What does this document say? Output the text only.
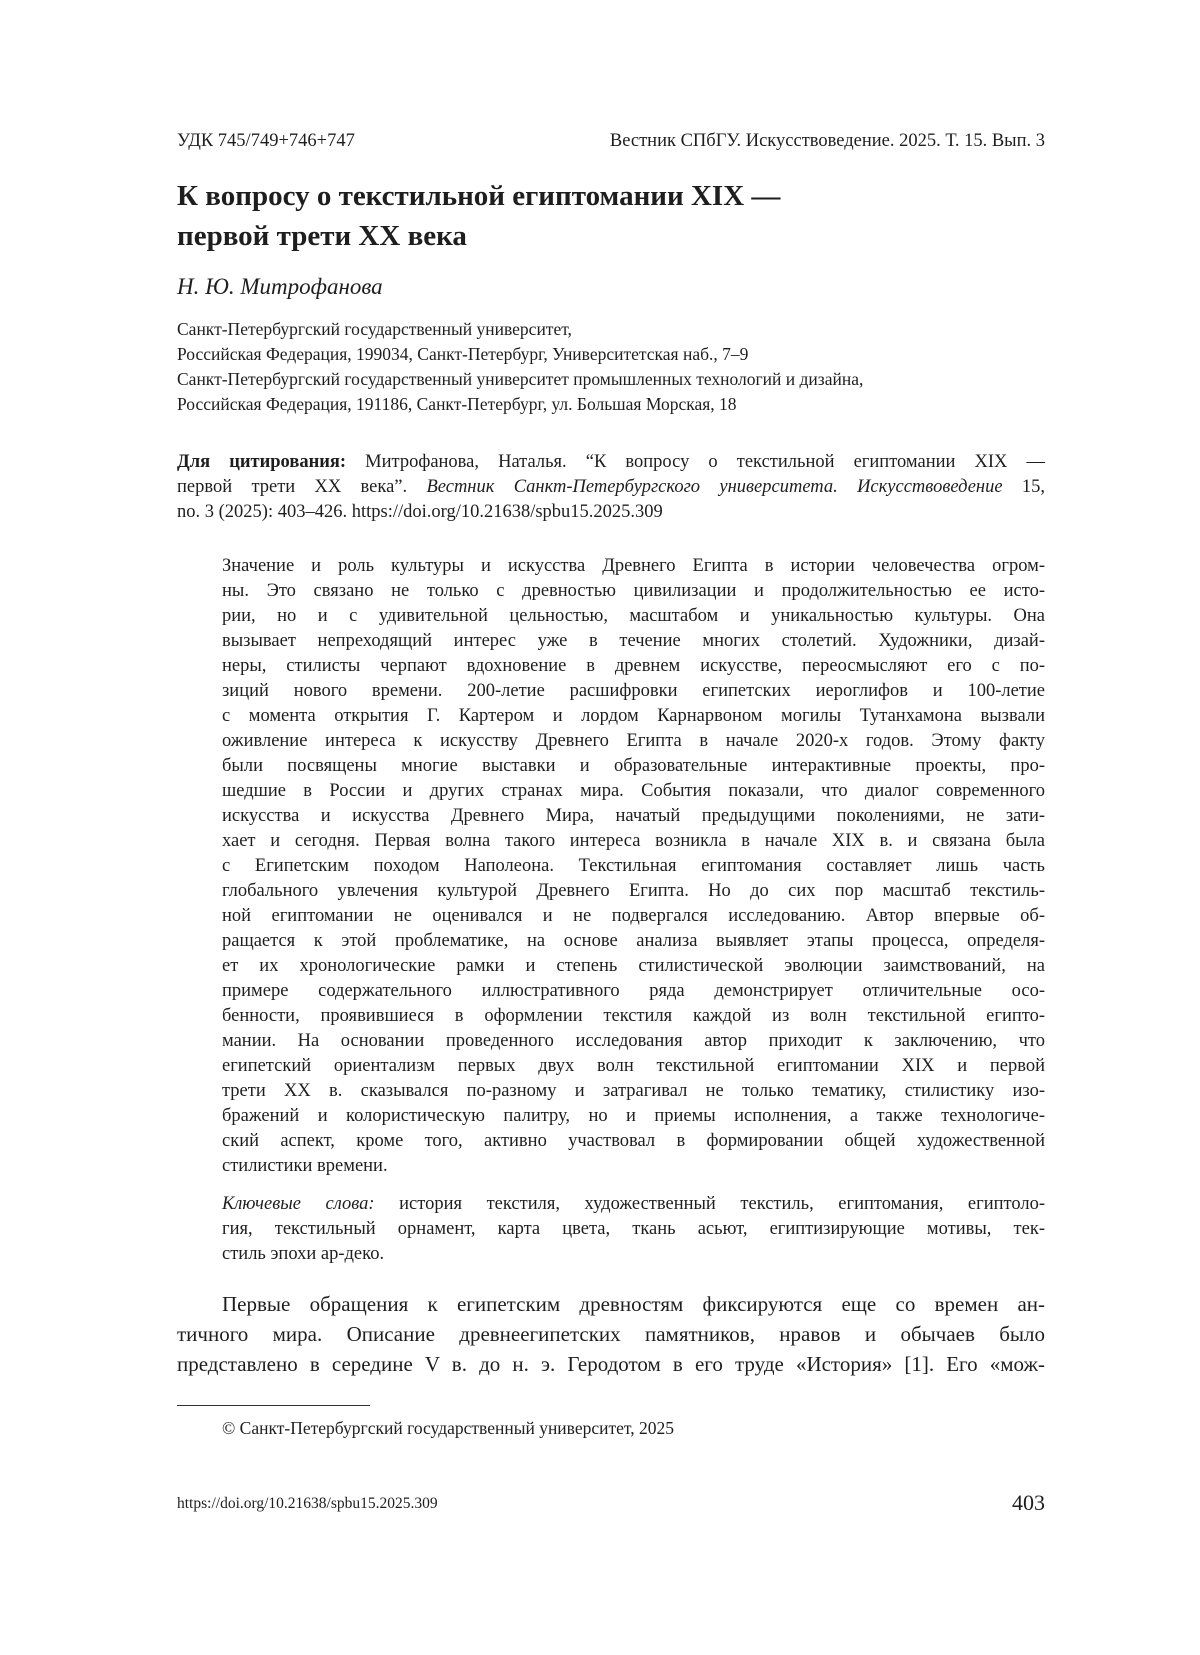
УДК 745/749+746+747	Вестник СПбГУ. Искусствоведение. 2025. Т. 15. Вып. 3
К вопросу о текстильной египтомании XIX —
первой трети XX века
Н. Ю. Митрофанова
Санкт-Петербургский государственный университет,
Российская Федерация, 199034, Санкт-Петербург, Университетская наб., 7–9
Санкт-Петербургский государственный университет промышленных технологий и дизайна,
Российская Федерация, 191186, Санкт-Петербург, ул. Большая Морская, 18
Для цитирования: Митрофанова, Наталья. “К вопросу о текстильной египтомании XIX —
первой трети XX века”. Вестник Санкт-Петербургского университета. Искусствоведение 15,
no. 3 (2025): 403–426. https://doi.org/10.21638/spbu15.2025.309
Значение и роль культуры и искусства Древнего Египта в истории человечества огром-
ны. Это связано не только с древностью цивилизации и продолжительностью ее исто-
рии, но и с удивительной цельностью, масштабом и уникальностью культуры. Она
вызывает непреходящий интерес уже в течение многих столетий. Художники, дизай-
неры, стилисты черпают вдохновение в древнем искусстве, переосмысляют его с по-
зиций нового времени. 200-летие расшифровки египетских иероглифов и 100-летие
с момента открытия Г. Картером и лордом Карнарвоном могилы Тутанхамона вызвали
оживление интереса к искусству Древнего Египта в начале 2020-х годов. Этому факту
были посвящены многие выставки и образовательные интерактивные проекты, про-
шедшие в России и других странах мира. События показали, что диалог современного
искусства и искусства Древнего Мира, начатый предыдущими поколениями, не зати-
хает и сегодня. Первая волна такого интереса возникла в начале XIX в. и связана была
с Египетским походом Наполеона. Текстильная египтомания составляет лишь часть
глобального увлечения культурой Древнего Египта. Но до сих пор масштаб текстиль-
ной египтомании не оценивался и не подвергался исследованию. Автор впервые об-
ращается к этой проблематике, на основе анализа выявляет этапы процесса, определя-
ет их хронологические рамки и степень стилистической эволюции заимствований, на
примере содержательного иллюстративного ряда демонстрирует отличительные осо-
бенности, проявившиеся в оформлении текстиля каждой из волн текстильной египто-
мании. На основании проведенного исследования автор приходит к заключению, что
египетский ориентализм первых двух волн текстильной египтомании XIX и первой
трети XX в. сказывался по-разному и затрагивал не только тематику, стилистику изо-
бражений и колористическую палитру, но и приемы исполнения, а также технологиче-
ский аспект, кроме того, активно участвовал в формировании общей художественной
стилистики времени.
Ключевые слова: история текстиля, художественный текстиль, египтомания, египтоло-
гия, текстильный орнамент, карта цвета, ткань асьют, египтизирующие мотивы, тек-
стиль эпохи ар-деко.
Первые обращения к египетским древностям фиксируются еще со времен ан-
тичного мира. Описание древнеегипетских памятников, нравов и обычаев было
представлено в середине V в. до н. э. Геродотом в его труде «История» [1]. Его «мож-
© Санкт-Петербургский государственный университет, 2025
https://doi.org/10.21638/spbu15.2025.309	403
